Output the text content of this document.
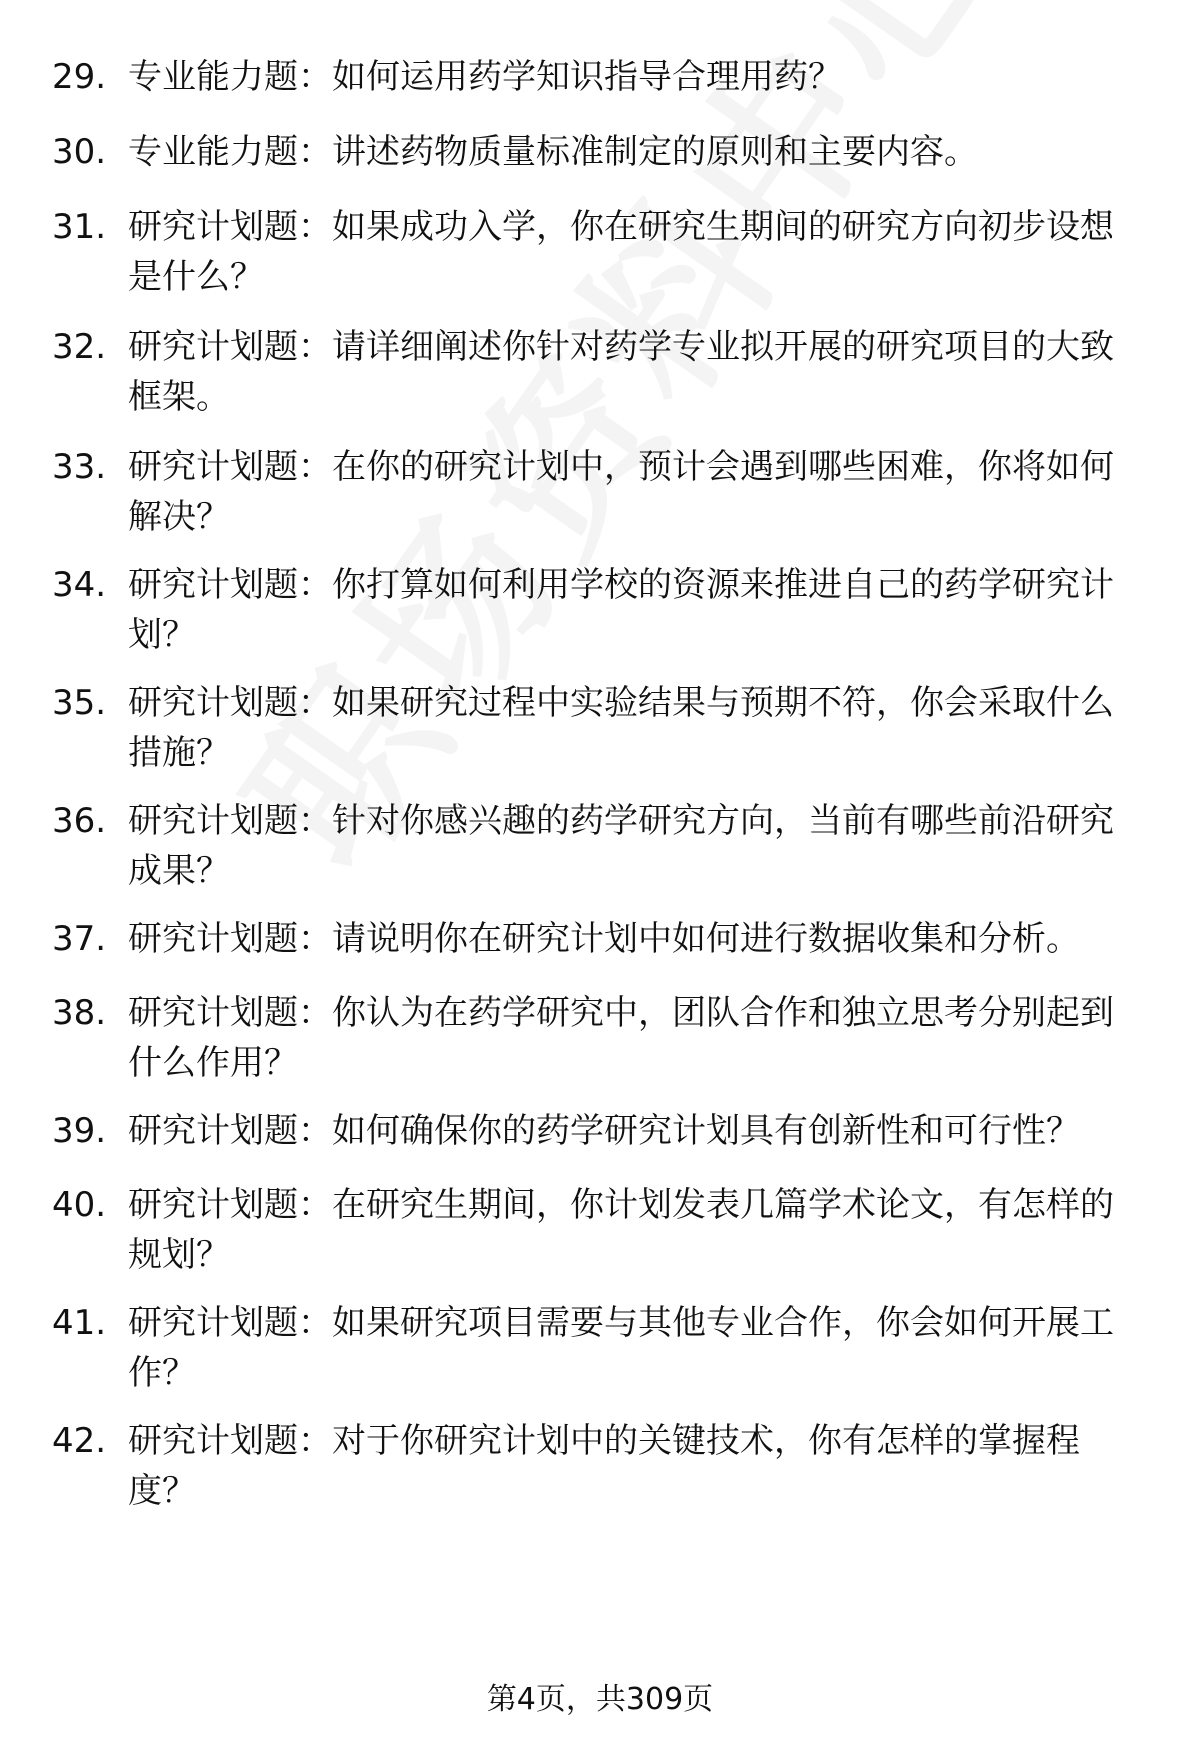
29. 专业能力题：如何运用药学知识指导合理用药？
30. 专业能力题：讲述药物质量标准制定的原则和主要内容。
31. 研究计划题：如果成功入学，你在研究生期间的研究方向初步设想是什么？
32. 研究计划题：请详细阐述你针对药学专业拟开展的研究项目的大致框架。
33. 研究计划题：在你的研究计划中，预计会遇到哪些困难，你将如何解决？
34. 研究计划题：你打算如何利用学校的资源来推进自己的药学研究计划？
35. 研究计划题：如果研究过程中实验结果与预期不符，你会采取什么措施？
36. 研究计划题：针对你感兴趣的药学研究方向，当前有哪些前沿研究成果？
37. 研究计划题：请说明你在研究计划中如何进行数据收集和分析。
38. 研究计划题：你认为在药学研究中，团队合作和独立思考分别起到什么作用？
39. 研究计划题：如何确保你的药学研究计划具有创新性和可行性？
40. 研究计划题：在研究生期间，你计划发表几篇学术论文，有怎样的规划？
41. 研究计划题：如果研究项目需要与其他专业合作，你会如何开展工作？
42. 研究计划题：对于你研究计划中的关键技术，你有怎样的掌握程度？
第4页，共309页
